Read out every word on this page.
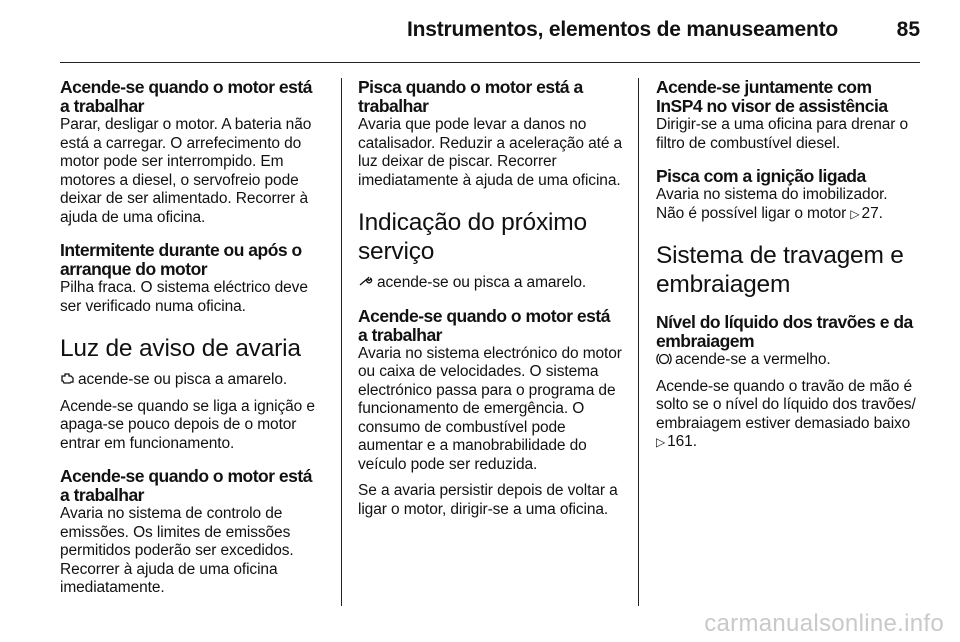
Instrumentos, elementos de manuseamento	85
Acende-se quando o motor está a trabalhar

Parar, desligar o motor. A bateria não está a carregar. O arrefecimento do motor pode ser interrompido. Em motores a diesel, o servofreio pode deixar de ser alimentado. Recorrer à ajuda de uma oficina.

Intermitente durante ou após o arranque do motor

Pilha fraca. O sistema eléctrico deve ser verificado numa oficina.

Luz de aviso de avaria

acende-se ou pisca a amarelo.

Acende-se quando se liga a ignição e apaga-se pouco depois de o motor entrar em funcionamento.

Acende-se quando o motor está a trabalhar

Avaria no sistema de controlo de emissões. Os limites de emissões permitidos poderão ser excedidos. Recorrer à ajuda de uma oficina imediatamente.

Pisca quando o motor está a trabalhar

Avaria que pode levar a danos no catalisador. Reduzir a aceleração até a luz deixar de piscar. Recorrer imediatamente à ajuda de uma oficina.

Indicação do próximo serviço

acende-se ou pisca a amarelo.

Acende-se quando o motor está a trabalhar

Avaria no sistema electrónico do motor ou caixa de velocidades. O sistema electrónico passa para o programa de funcionamento de emergência. O consumo de combustível pode aumentar e a manobrabilidade do veículo pode ser reduzida.

Se a avaria persistir depois de voltar a ligar o motor, dirigir-se a uma oficina.

Acende-se juntamente com InSP4 no visor de assistência

Dirigir-se a uma oficina para drenar o filtro de combustível diesel.

Pisca com a ignição ligada

Avaria no sistema do imobilizador.

Não é possível ligar o motor ▷ 27.

Sistema de travagem e embraiagem
Nível do líquido dos travões e da embraiagem

acende-se a vermelho.

Acende-se quando o travão de mão é solto se o nível do líquido dos travões/ embraiagem estiver demasiado baixo ▷ 161.

carmanualsonline.info
